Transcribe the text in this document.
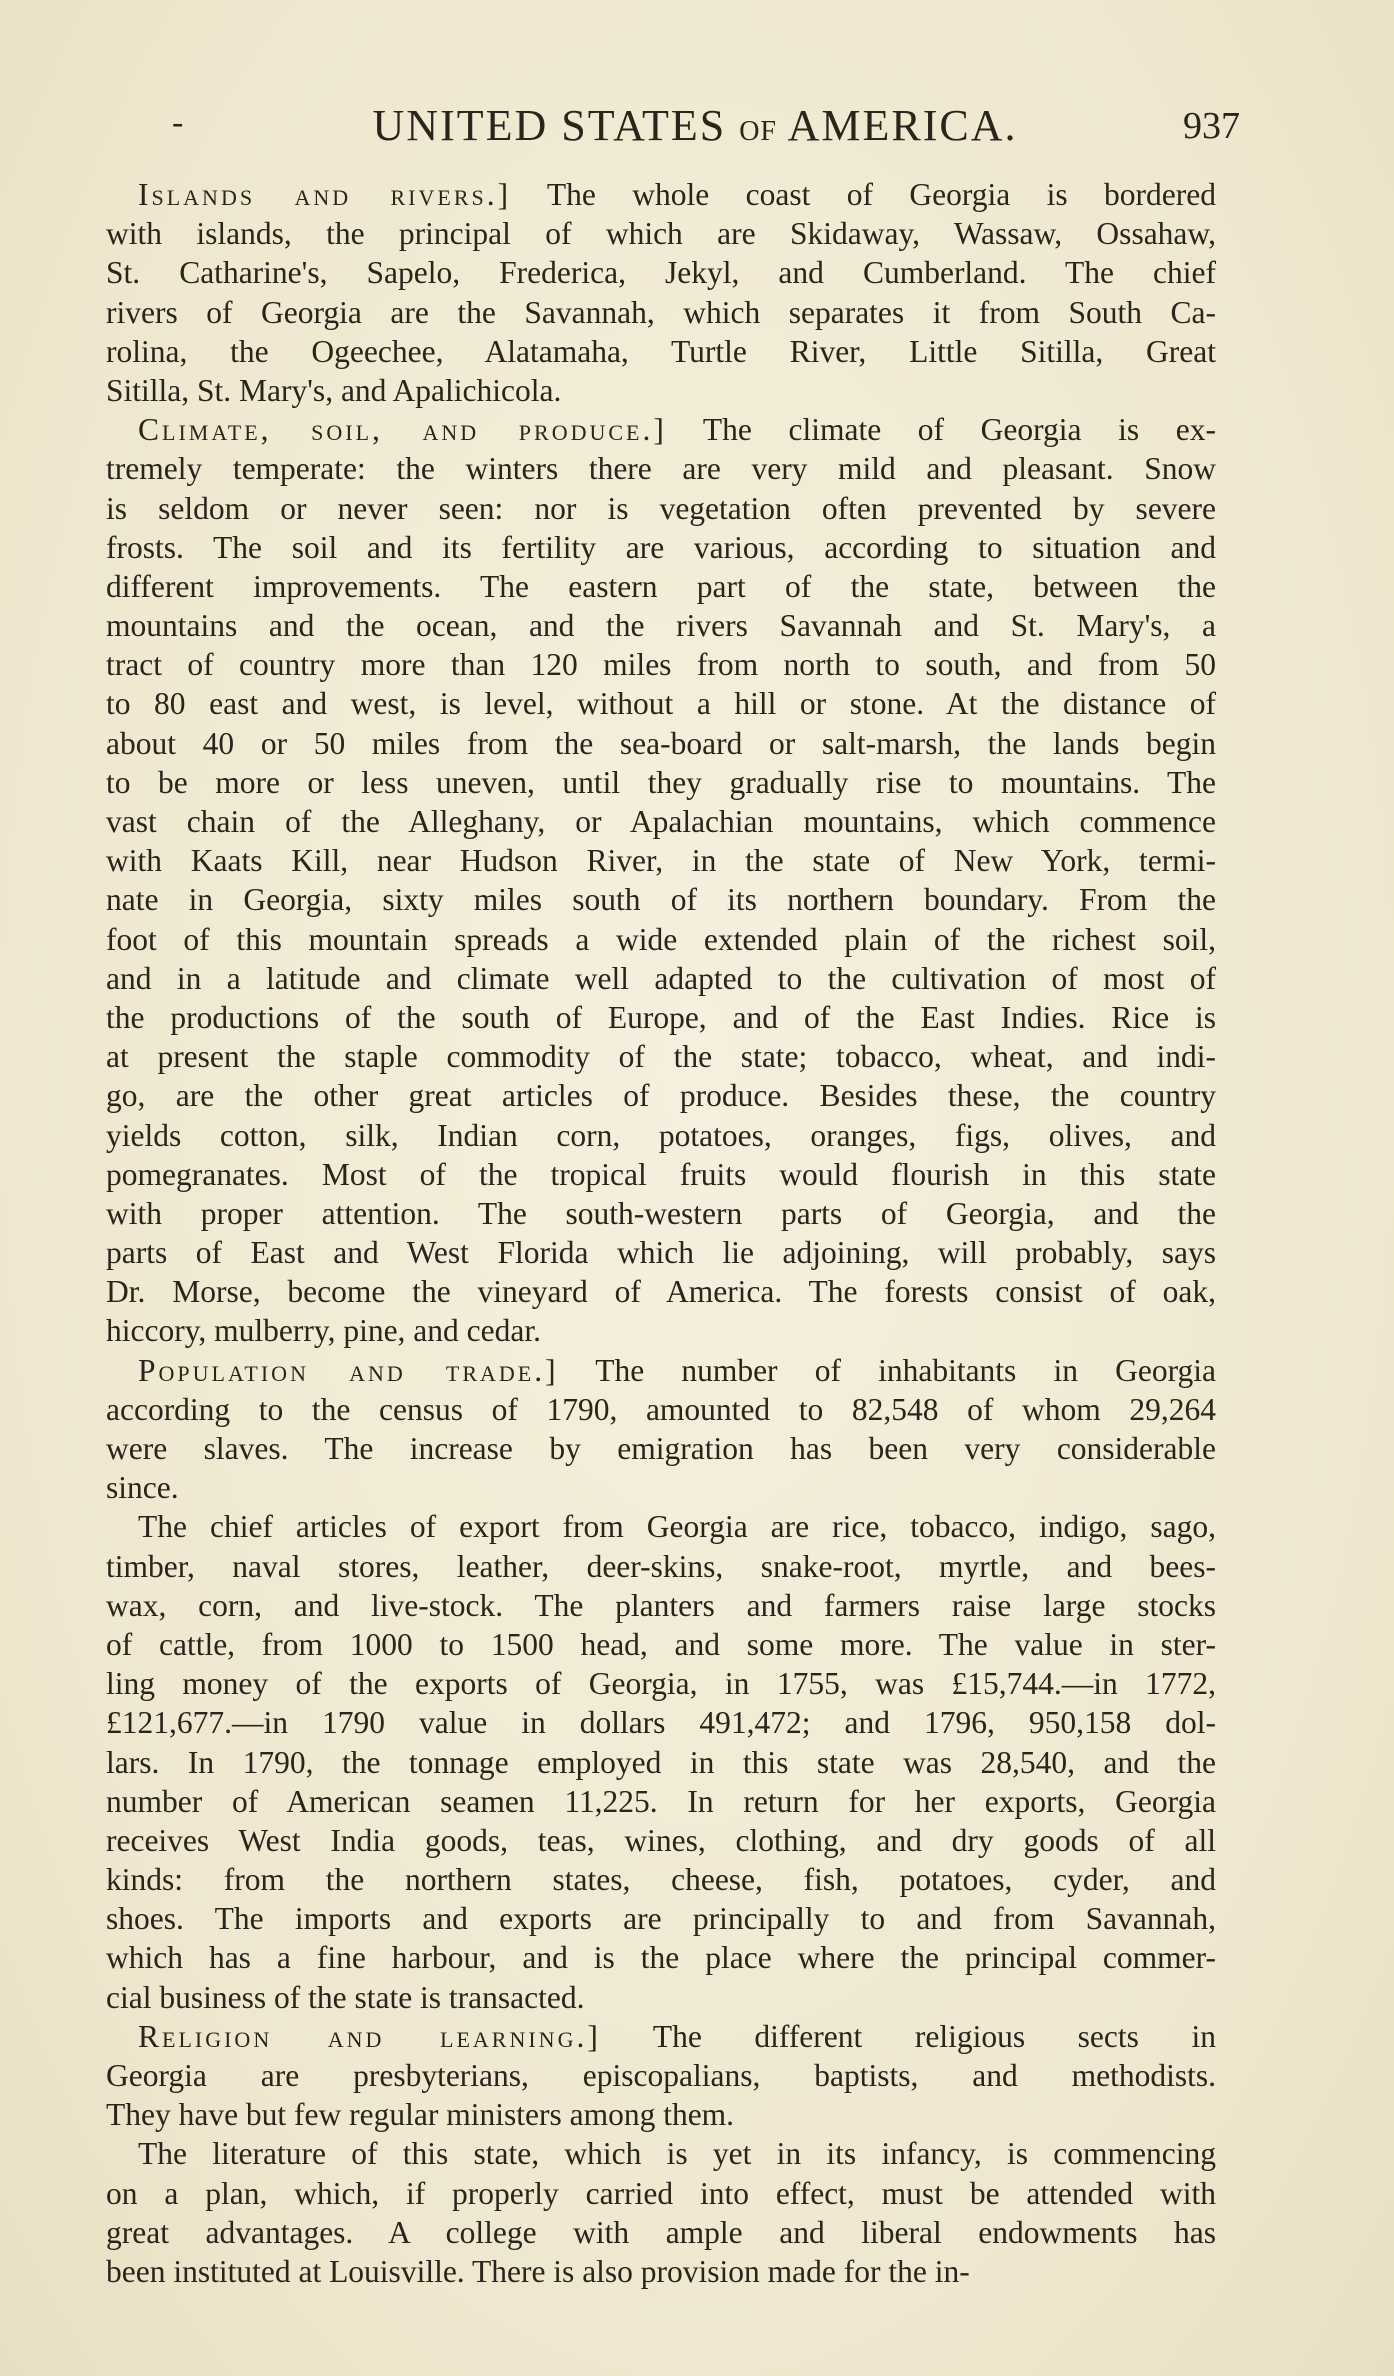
-	UNITED STATES OF AMERICA.	937
Islands and rivers.] The whole coast of Georgia is bordered
with islands, the principal of which are Skidaway, Wassaw, Ossahaw,
St. Catharine's, Sapelo, Frederica, Jekyl, and Cumberland. The chief
rivers of Georgia are the Savannah, which separates it from South Ca-
rolina, the Ogeechee, Alatamaha, Turtle River, Little Sitilla, Great
Sitilla, St. Mary's, and Apalichicola.
Climate, soil, and produce.] The climate of Georgia is ex-
tremely temperate: the winters there are very mild and pleasant. Snow
is seldom or never seen: nor is vegetation often prevented by severe
frosts. The soil and its fertility are various, according to situation and
different improvements. The eastern part of the state, between the
mountains and the ocean, and the rivers Savannah and St. Mary's, a
tract of country more than 120 miles from north to south, and from 50
to 80 east and west, is level, without a hill or stone. At the distance of
about 40 or 50 miles from the sea-board or salt-marsh, the lands begin
to be more or less uneven, until they gradually rise to mountains. The
vast chain of the Alleghany, or Apalachian mountains, which commence
with Kaats Kill, near Hudson River, in the state of New York, termi-
nate in Georgia, sixty miles south of its northern boundary. From the
foot of this mountain spreads a wide extended plain of the richest soil,
and in a latitude and climate well adapted to the cultivation of most of
the productions of the south of Europe, and of the East Indies. Rice is
at present the staple commodity of the state; tobacco, wheat, and indi-
go, are the other great articles of produce. Besides these, the country
yields cotton, silk, Indian corn, potatoes, oranges, figs, olives, and
pomegranates. Most of the tropical fruits would flourish in this state
with proper attention. The south-western parts of Georgia, and the
parts of East and West Florida which lie adjoining, will probably, says
Dr. Morse, become the vineyard of America. The forests consist of oak,
hiccory, mulberry, pine, and cedar.
Population and trade.] The number of inhabitants in Georgia
according to the census of 1790, amounted to 82,548 of whom 29,264
were slaves. The increase by emigration has been very considerable
since.
The chief articles of export from Georgia are rice, tobacco, indigo, sago,
timber, naval stores, leather, deer-skins, snake-root, myrtle, and bees-
wax, corn, and live-stock. The planters and farmers raise large stocks
of cattle, from 1000 to 1500 head, and some more. The value in ster-
ling money of the exports of Georgia, in 1755, was £15,744.—in 1772,
£121,677.—in 1790 value in dollars 491,472; and 1796, 950,158 dol-
lars. In 1790, the tonnage employed in this state was 28,540, and the
number of American seamen 11,225. In return for her exports, Georgia
receives West India goods, teas, wines, clothing, and dry goods of all
kinds: from the northern states, cheese, fish, potatoes, cyder, and
shoes. The imports and exports are principally to and from Savannah,
which has a fine harbour, and is the place where the principal commer-
cial business of the state is transacted.
Religion and learning.] The different religious sects in
Georgia are presbyterians, episcopalians, baptists, and methodists.
They have but few regular ministers among them.
The literature of this state, which is yet in its infancy, is commencing
on a plan, which, if properly carried into effect, must be attended with
great advantages. A college with ample and liberal endowments has
been instituted at Louisville. There is also provision made for the in-
